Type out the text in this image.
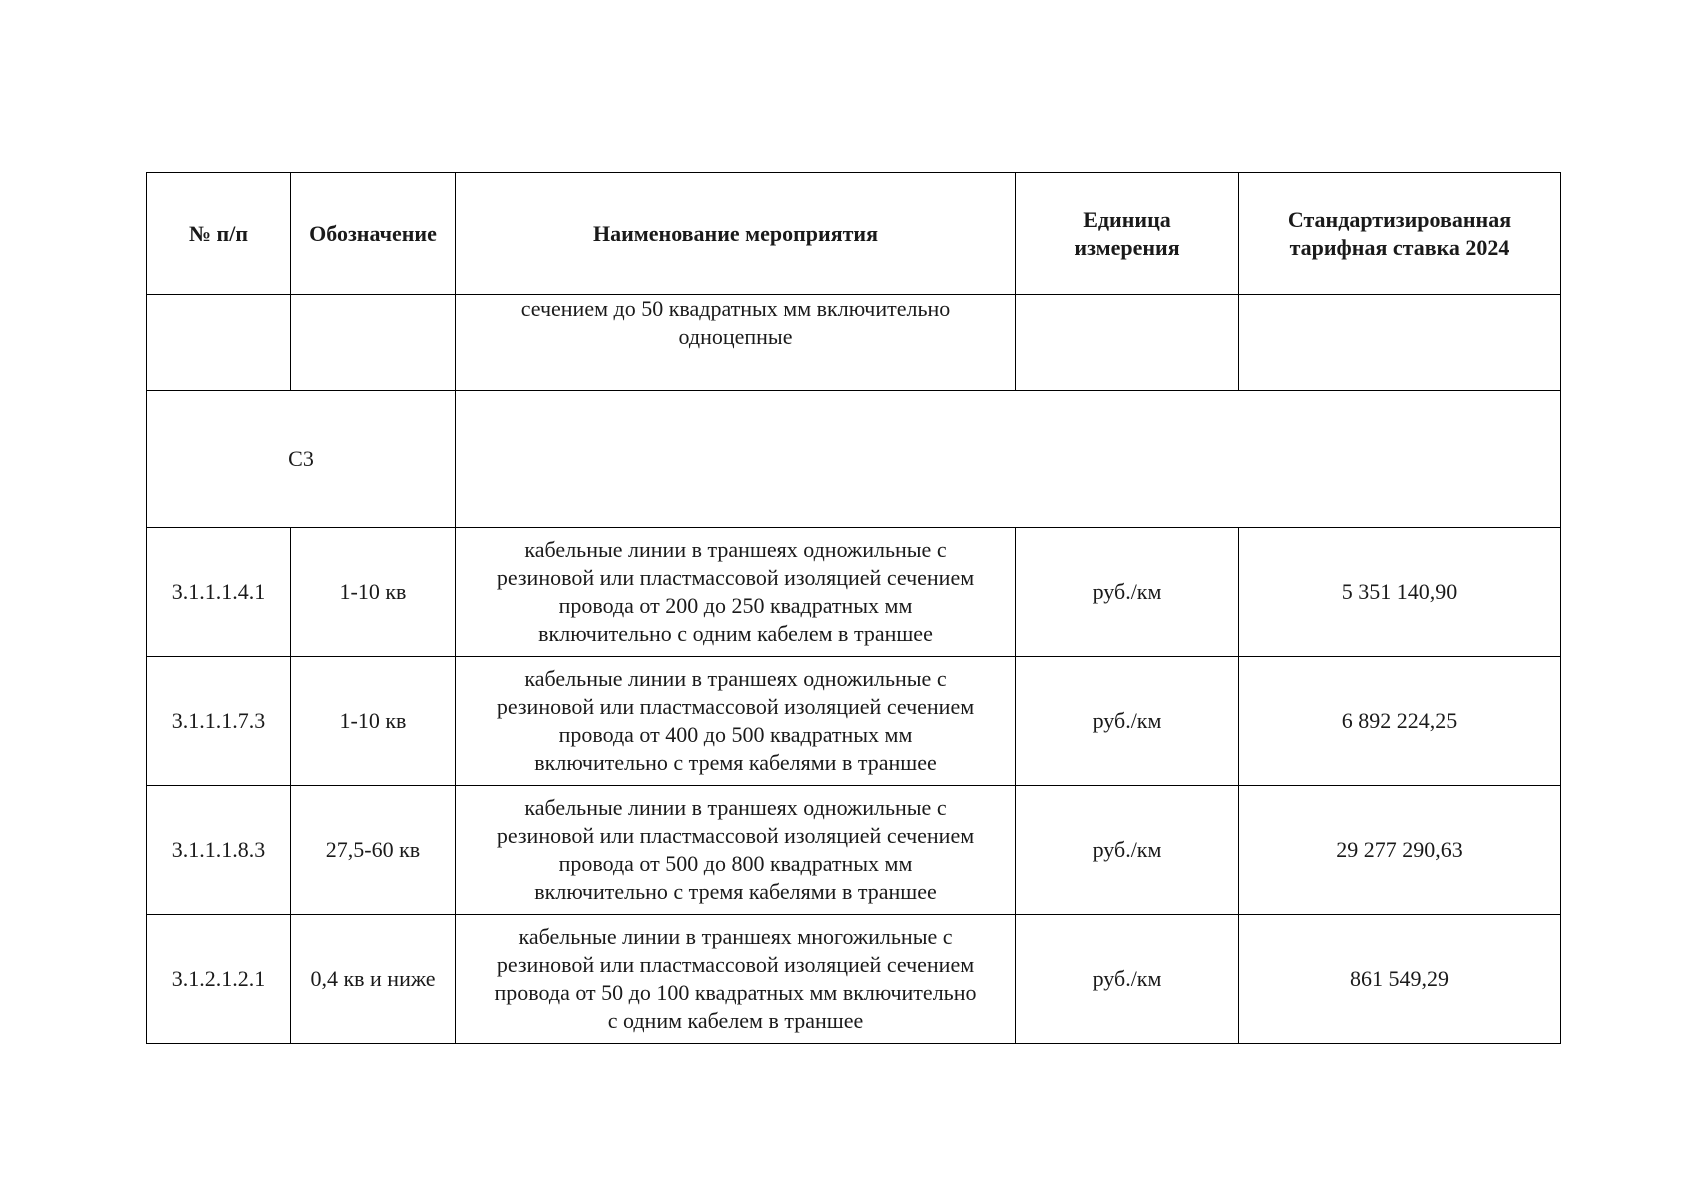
№ п/п	Обозначение	Наименование мероприятия	Единица
измерения	Стандартизированная
тарифная ставка 2024
		сечением до 50 квадратных мм включительно
одноцепные		
С3				
3.1.1.1.4.1	1-10 кв	кабельные линии в траншеях одножильные с
резиновой или пластмассовой изоляцией сечением
провода от 200 до 250 квадратных мм
включительно с одним кабелем в траншее	руб./км	5 351 140,90
3.1.1.1.7.3	1-10 кв	кабельные линии в траншеях одножильные с
резиновой или пластмассовой изоляцией сечением
провода от 400 до 500 квадратных мм
включительно с тремя кабелями в траншее	руб./км	6 892 224,25
3.1.1.1.8.3	27,5-60 кв	кабельные линии в траншеях одножильные с
резиновой или пластмассовой изоляцией сечением
провода от 500 до 800 квадратных мм
включительно с тремя кабелями в траншее	руб./км	29 277 290,63
3.1.2.1.2.1	0,4 кв и ниже	кабельные линии в траншеях многожильные с
резиновой или пластмассовой изоляцией сечением
провода от 50 до 100 квадратных мм включительно
с одним кабелем в траншее	руб./км	861 549,29
